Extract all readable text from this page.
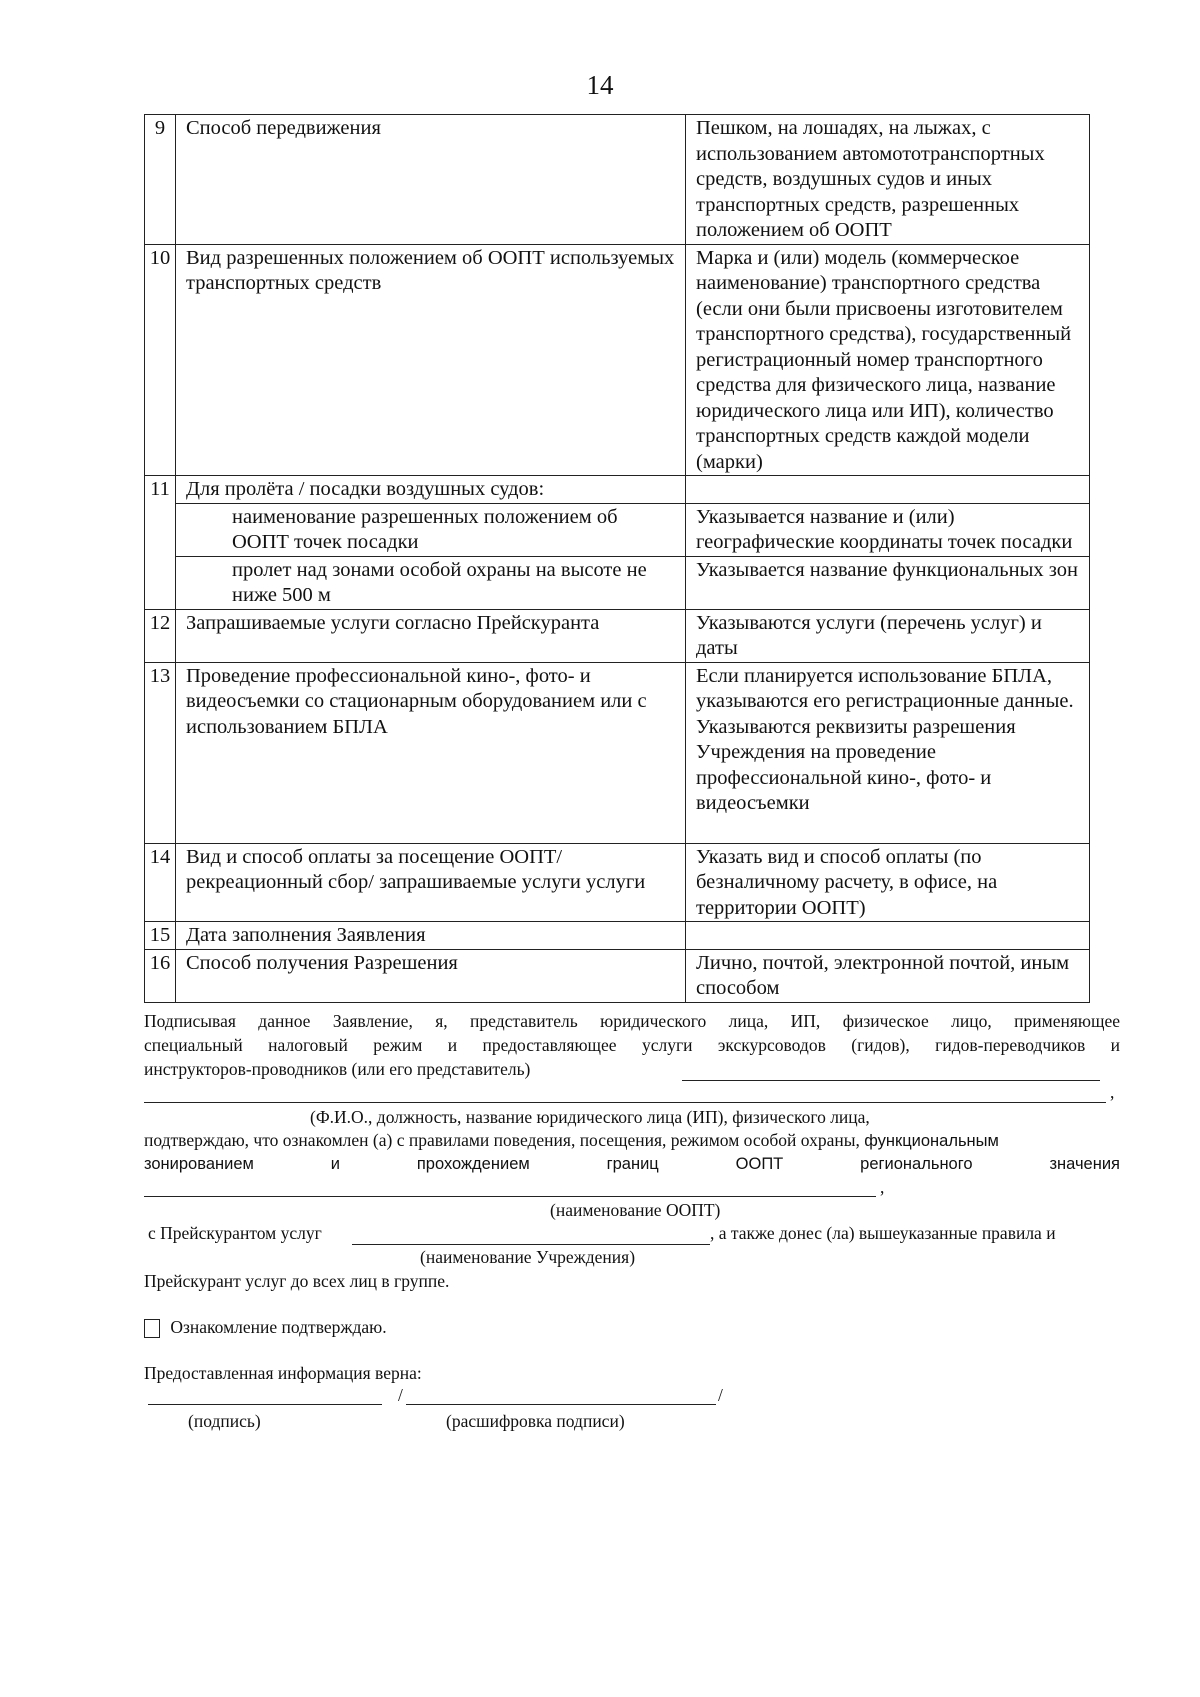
14
9	Способ передвижения	Пешком, на лошадях, на лыжах, с использованием автомототранспортных средств, воздушных судов и иных транспортных средств, разрешенных положением об ООПТ
10	Вид разрешенных положением об ООПТ используемых транспортных средств	Марка и (или) модель (коммерческое наименование) транспортного средства (если они были присвоены изготовителем транспортного средства), государственный регистрационный номер транспортного средства для физического лица, название юридического лица или ИП), количество транспортных средств каждой модели (марки)
11	Для пролёта / посадки воздушных судов:	
	наименование разрешенных положением об ООПТ точек посадки	Указывается название и (или) географические координаты точек посадки
	пролет над зонами особой охраны на высоте не ниже 500 м	Указывается название функциональных зон
12	Запрашиваемые услуги согласно Прейскуранта	Указываются услуги (перечень услуг) и даты
13	Проведение профессиональной кино-, фото- и видеосъемки со стационарным оборудованием или с использованием БПЛА	Если планируется использование БПЛА, указываются его регистрационные данные. Указываются реквизиты разрешения Учреждения на проведение профессиональной кино-, фото- и видеосъемки
14	Вид и способ оплаты за посещение ООПТ/рекреационный сбор/ запрашиваемые услуги услуги	Указать вид и способ оплаты (по безналичному расчету, в офисе, на территории ООПТ)
15	Дата заполнения Заявления	
16	Способ получения Разрешения	Лично, почтой, электронной почтой, иным способом
Подписывая данное Заявление, я, представитель юридического лица, ИП, физическое лицо, применяющее
специальный налоговый режим и предоставляющее услуги экскурсоводов (гидов), гидов-переводчиков и
инструкторов-проводников (или его представитель)
,
(Ф.И.О., должность, название юридического лица (ИП), физического лица,
подтверждаю, что ознакомлен (а) с правилами поведения, посещения, режимом особой охраны, функциональным
зонированием и прохождением границ ООПТ регионального значения
,
(наименование ООПТ)
с Прейскурантом услуг	, а также донес (ла) вышеуказанные правила и
(наименование Учреждения)
Прейскурант услуг до всех лиц в группе.
Ознакомление подтверждаю.
Предоставленная информация верна:
/	/
(подпись)	(расшифровка подписи)
